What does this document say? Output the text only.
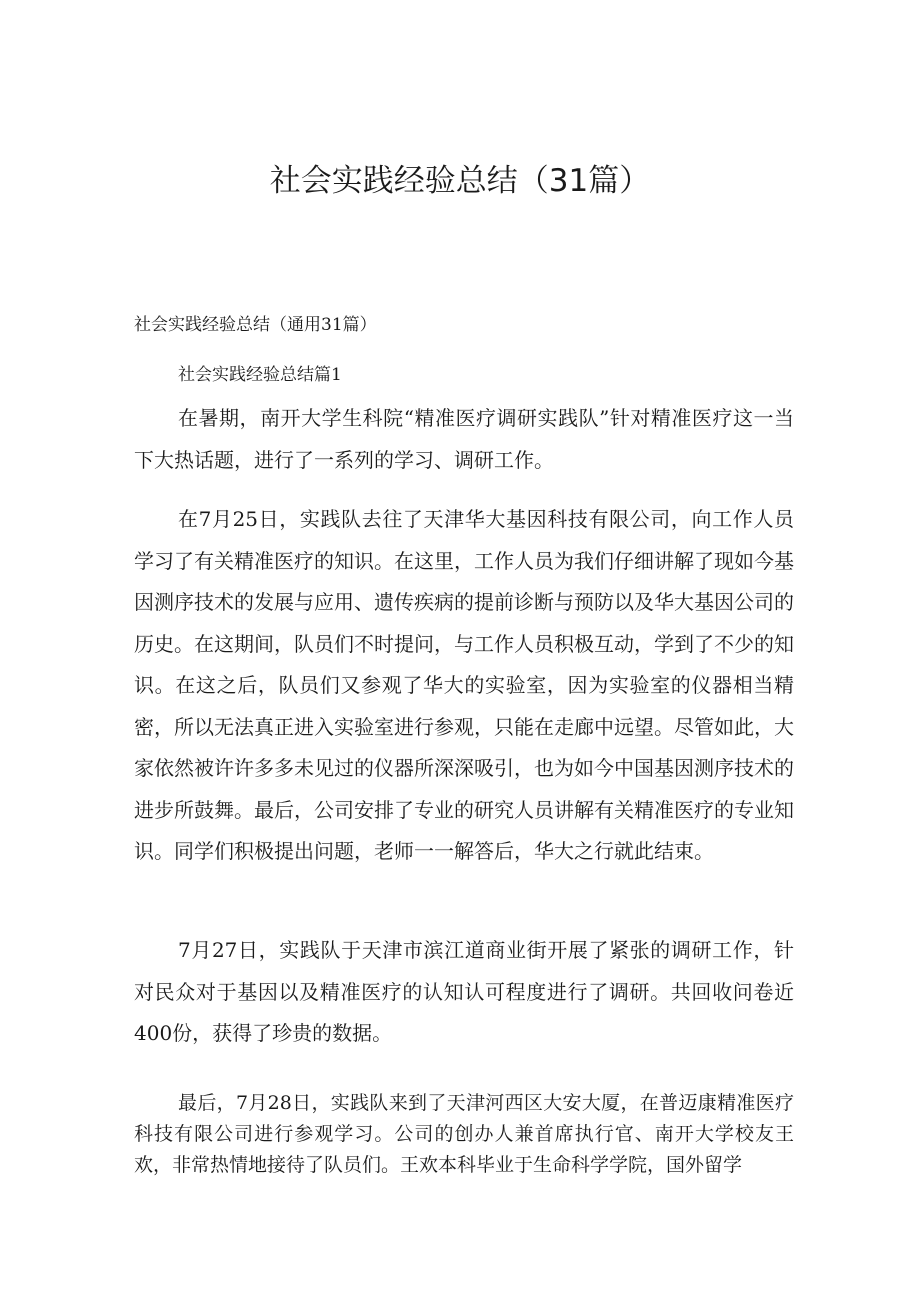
社会实践经验总结（31篇）

社会实践经验总结（通用31篇）

社会实践经验总结篇1

在暑期，南开大学生科院“精准医疗调研实践队”针对精准医疗这一当下大热话题，进行了一系列的学习、调研工作。

在7月25日，实践队去往了天津华大基因科技有限公司，向工作人员学习了有关精准医疗的知识。在这里，工作人员为我们仔细讲解了现如今基因测序技术的发展与应用、遗传疾病的提前诊断与预防以及华大基因公司的历史。在这期间，队员们不时提问，与工作人员积极互动，学到了不少的知识。在这之后，队员们又参观了华大的实验室，因为实验室的仪器相当精密，所以无法真正进入实验室进行参观，只能在走廊中远望。尽管如此，大家依然被许许多多未见过的仪器所深深吸引，也为如今中国基因测序技术的进步所鼓舞。最后，公司安排了专业的研究人员讲解有关精准医疗的专业知识。同学们积极提出问题，老师一一解答后，华大之行就此结束。

7月27日，实践队于天津市滨江道商业街开展了紧张的调研工作，针对民众对于基因以及精准医疗的认知认可程度进行了调研。共回收问卷近400份，获得了珍贵的数据。

最后，7月28日，实践队来到了天津河西区大安大厦，在普迈康精准医疗科技有限公司进行参观学习。公司的创办人兼首席执行官、南开大学校友王欢，非常热情地接待了队员们。王欢本科毕业于生命科学学院，国外留学
